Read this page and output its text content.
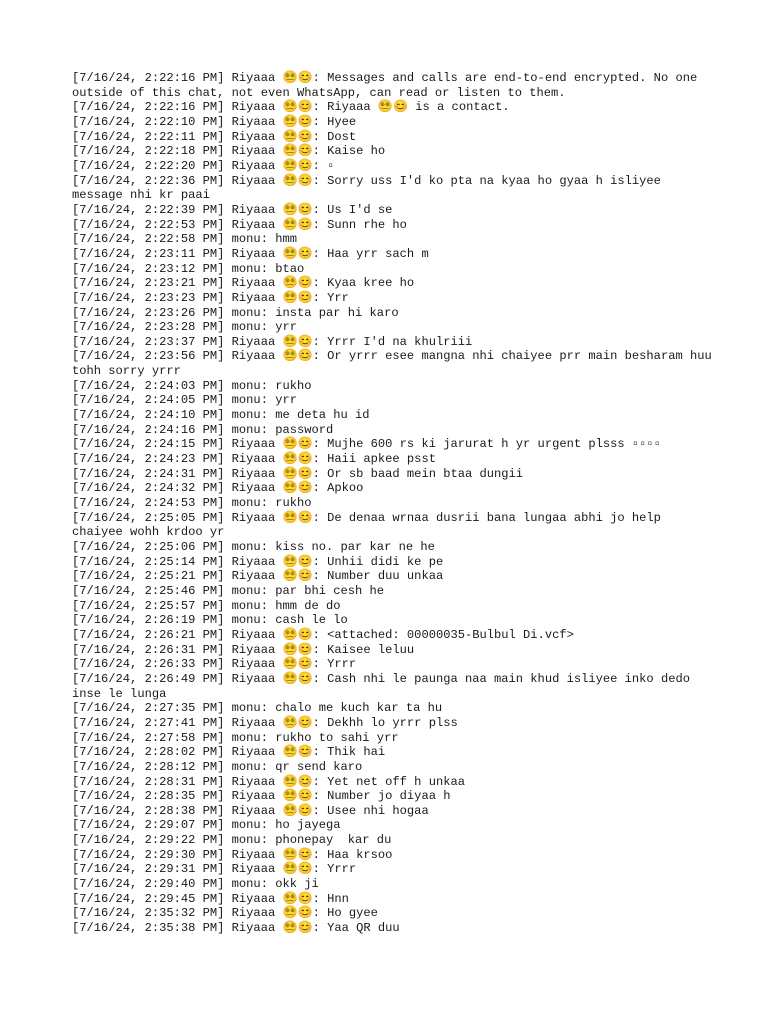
[7/16/24, 2:22:16 PM] Riyaaa 😵‍💫😊: Messages and calls are end-to-end encrypted. No one outside of this chat, not even WhatsApp, can read or listen to them.
[7/16/24, 2:22:16 PM] Riyaaa 😵‍💫😊: Riyaaa 😵‍💫😊 is a contact.
[7/16/24, 2:22:10 PM] Riyaaa 😵‍💫😊: Hyee
[7/16/24, 2:22:11 PM] Riyaaa 😵‍💫😊: Dost
[7/16/24, 2:22:18 PM] Riyaaa 😵‍💫😊: Kaise ho
[7/16/24, 2:22:20 PM] Riyaaa 😵‍💫😊: ▫
[7/16/24, 2:22:36 PM] Riyaaa 😵‍💫😊: Sorry uss I'd ko pta na kyaa ho gyaa h isliyee message nhi kr paai
[7/16/24, 2:22:39 PM] Riyaaa 😵‍💫😊: Us I'd se
[7/16/24, 2:22:53 PM] Riyaaa 😵‍💫😊: Sunn rhe ho
[7/16/24, 2:22:58 PM] monu: hmm
[7/16/24, 2:23:11 PM] Riyaaa 😵‍💫😊: Haa yrr sach m
[7/16/24, 2:23:12 PM] monu: btao
[7/16/24, 2:23:21 PM] Riyaaa 😵‍💫😊: Kyaa kree ho
[7/16/24, 2:23:23 PM] Riyaaa 😵‍💫😊: Yrr
[7/16/24, 2:23:26 PM] monu: insta par hi karo
[7/16/24, 2:23:28 PM] monu: yrr
[7/16/24, 2:23:37 PM] Riyaaa 😵‍💫😊: Yrrr I'd na khulriii
[7/16/24, 2:23:56 PM] Riyaaa 😵‍💫😊: Or yrrr esee mangna nhi chaiyee prr main besharam huu tohh sorry yrrr
[7/16/24, 2:24:03 PM] monu: rukho
[7/16/24, 2:24:05 PM] monu: yrr
[7/16/24, 2:24:10 PM] monu: me deta hu id
[7/16/24, 2:24:16 PM] monu: password
[7/16/24, 2:24:15 PM] Riyaaa 😵‍💫😊: Mujhe 600 rs ki jarurat h yr urgent plsss ▫▫▫▫
[7/16/24, 2:24:23 PM] Riyaaa 😵‍💫😊: Haii apkee psst
[7/16/24, 2:24:31 PM] Riyaaa 😵‍💫😊: Or sb baad mein btaa dungii
[7/16/24, 2:24:32 PM] Riyaaa 😵‍💫😊: Apkoo
[7/16/24, 2:24:53 PM] monu: rukho
[7/16/24, 2:25:05 PM] Riyaaa 😵‍💫😊: De denaa wrnaa dusrii bana lungaa abhi jo help chaiyee wohh krdoo yr
[7/16/24, 2:25:06 PM] monu: kiss no. par kar ne he
[7/16/24, 2:25:14 PM] Riyaaa 😵‍💫😊: Unhii didi ke pe
[7/16/24, 2:25:21 PM] Riyaaa 😵‍💫😊: Number duu unkaa
[7/16/24, 2:25:46 PM] monu: par bhi cesh he
[7/16/24, 2:25:57 PM] monu: hmm de do
[7/16/24, 2:26:19 PM] monu: cash le lo
[7/16/24, 2:26:21 PM] Riyaaa 😵‍💫😊: <attached: 00000035-Bulbul Di.vcf>
[7/16/24, 2:26:31 PM] Riyaaa 😵‍💫😊: Kaisee leluu
[7/16/24, 2:26:33 PM] Riyaaa 😵‍💫😊: Yrrr
[7/16/24, 2:26:49 PM] Riyaaa 😵‍💫😊: Cash nhi le paunga naa main khud isliyee inko dedo inse le lunga
[7/16/24, 2:27:35 PM] monu: chalo me kuch kar ta hu
[7/16/24, 2:27:41 PM] Riyaaa 😵‍💫😊: Dekhh lo yrrr plss
[7/16/24, 2:27:58 PM] monu: rukho to sahi yrr
[7/16/24, 2:28:02 PM] Riyaaa 😵‍💫😊: Thik hai
[7/16/24, 2:28:12 PM] monu: qr send karo
[7/16/24, 2:28:31 PM] Riyaaa 😵‍💫😊: Yet net off h unkaa
[7/16/24, 2:28:35 PM] Riyaaa 😵‍💫😊: Number jo diyaa h
[7/16/24, 2:28:38 PM] Riyaaa 😵‍💫😊: Usee nhi hogaa
[7/16/24, 2:29:07 PM] monu: ho jayega
[7/16/24, 2:29:22 PM] monu: phonepay  kar du
[7/16/24, 2:29:30 PM] Riyaaa 😵‍💫😊: Haa krsoo
[7/16/24, 2:29:31 PM] Riyaaa 😵‍💫😊: Yrrr
[7/16/24, 2:29:40 PM] monu: okk ji
[7/16/24, 2:29:45 PM] Riyaaa 😵‍💫😊: Hnn
[7/16/24, 2:35:32 PM] Riyaaa 😵‍💫😊: Ho gyee
[7/16/24, 2:35:38 PM] Riyaaa 😵‍💫😊: Yaa QR duu
